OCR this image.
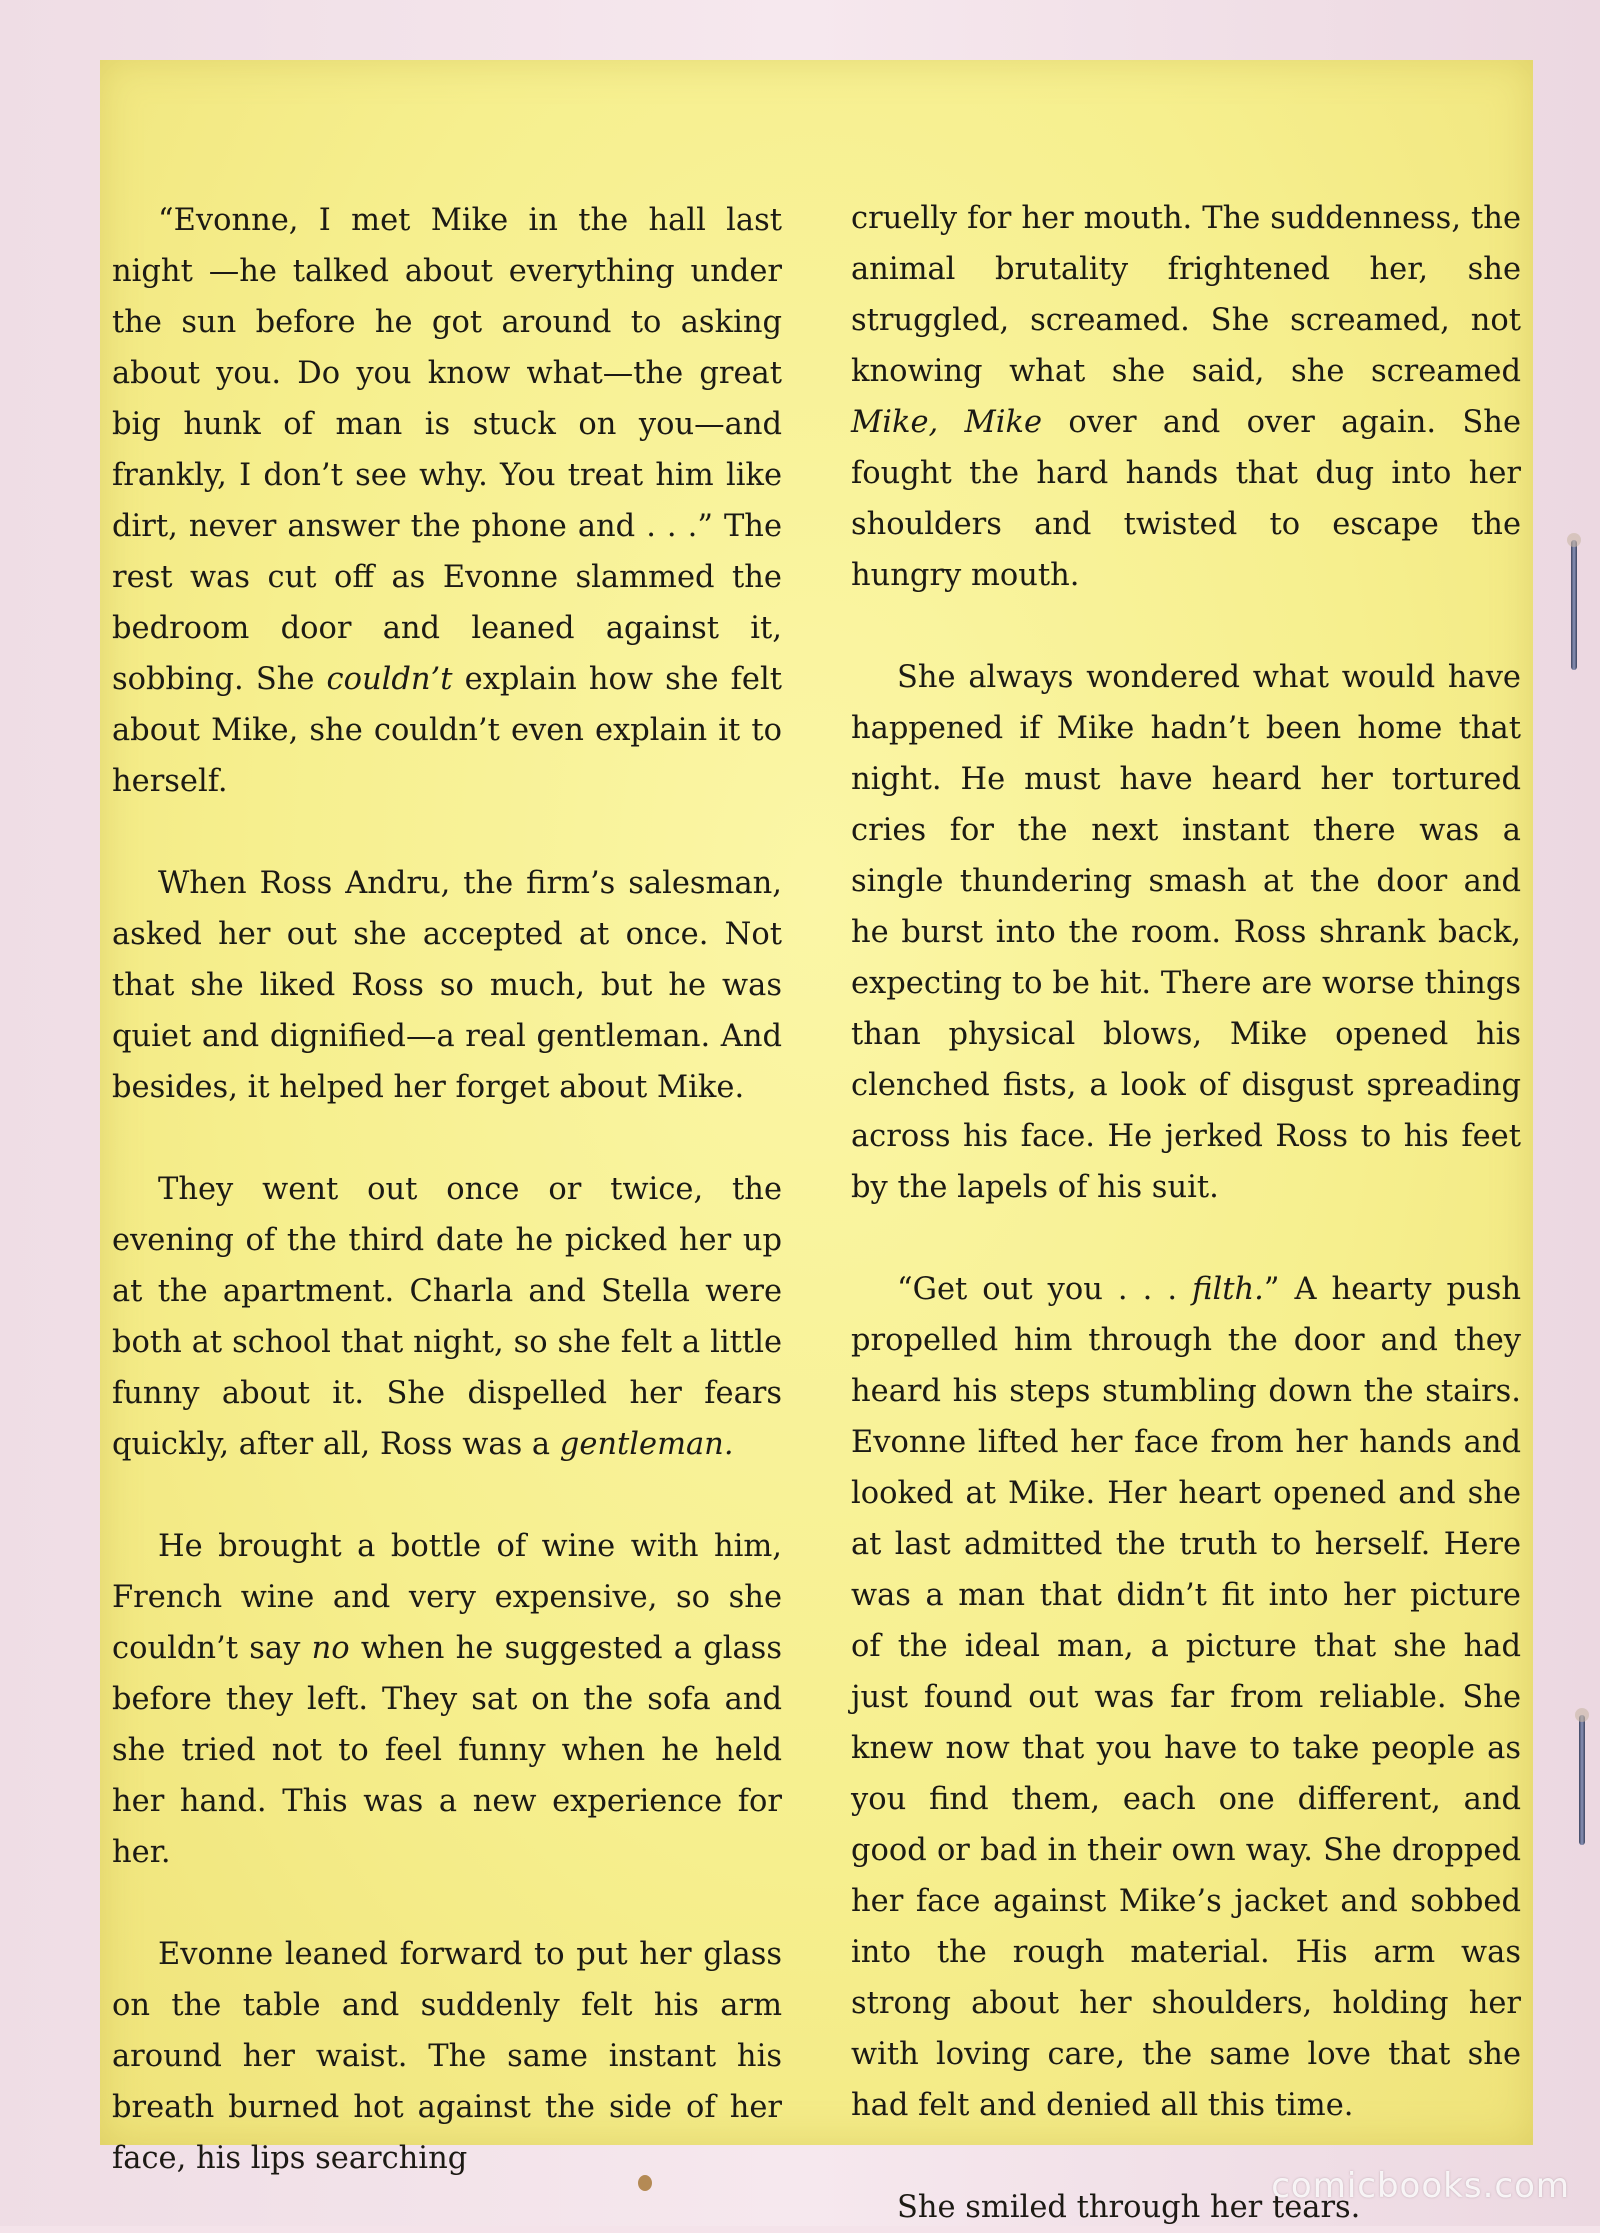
“Evonne, I met Mike in the hall last night —he talked about everything under the sun before he got around to asking about you. Do you know what—the great big hunk of man is stuck on you—and frankly, I don’t see why. You treat him like dirt, never answer the phone and . . .” The rest was cut off as Evonne slammed the bedroom door and leaned against it, sobbing. She couldn’t explain how she felt about Mike, she couldn’t even explain it to herself.

When Ross Andru, the firm’s salesman, asked her out she accepted at once. Not that she liked Ross so much, but he was quiet and dignified—a real gentleman. And besides, it helped her forget about Mike.

They went out once or twice, the evening of the third date he picked her up at the apartment. Charla and Stella were both at school that night, so she felt a little funny about it. She dispelled her fears quickly, after all, Ross was a gentleman.

He brought a bottle of wine with him, French wine and very expensive, so she couldn’t say no when he suggested a glass before they left. They sat on the sofa and she tried not to feel funny when he held her hand. This was a new experience for her.

Evonne leaned forward to put her glass on the table and suddenly felt his arm around her waist. The same instant his breath burned hot against the side of her face, his lips searching

cruelly for her mouth. The suddenness, the animal brutality frightened her, she struggled, screamed. She screamed, not knowing what she said, she screamed Mike, Mike over and over again. She fought the hard hands that dug into her shoulders and twisted to escape the hungry mouth.

She always wondered what would have happened if Mike hadn’t been home that night. He must have heard her tortured cries for the next instant there was a single thundering smash at the door and he burst into the room. Ross shrank back, expecting to be hit. There are worse things than physical blows, Mike opened his clenched fists, a look of disgust spreading across his face. He jerked Ross to his feet by the lapels of his suit.

“Get out you . . . filth.” A hearty push propelled him through the door and they heard his steps stumbling down the stairs. Evonne lifted her face from her hands and looked at Mike. Her heart opened and she at last admitted the truth to herself. Here was a man that didn’t fit into her picture of the ideal man, a picture that she had just found out was far from reliable. She knew now that you have to take people as you find them, each one different, and good or bad in their own way. She dropped her face against Mike’s jacket and sobbed into the rough material. His arm was strong about her shoulders, holding her with loving care, the same love that she had felt and denied all this time.

She smiled through her tears.

comicbooks.com
